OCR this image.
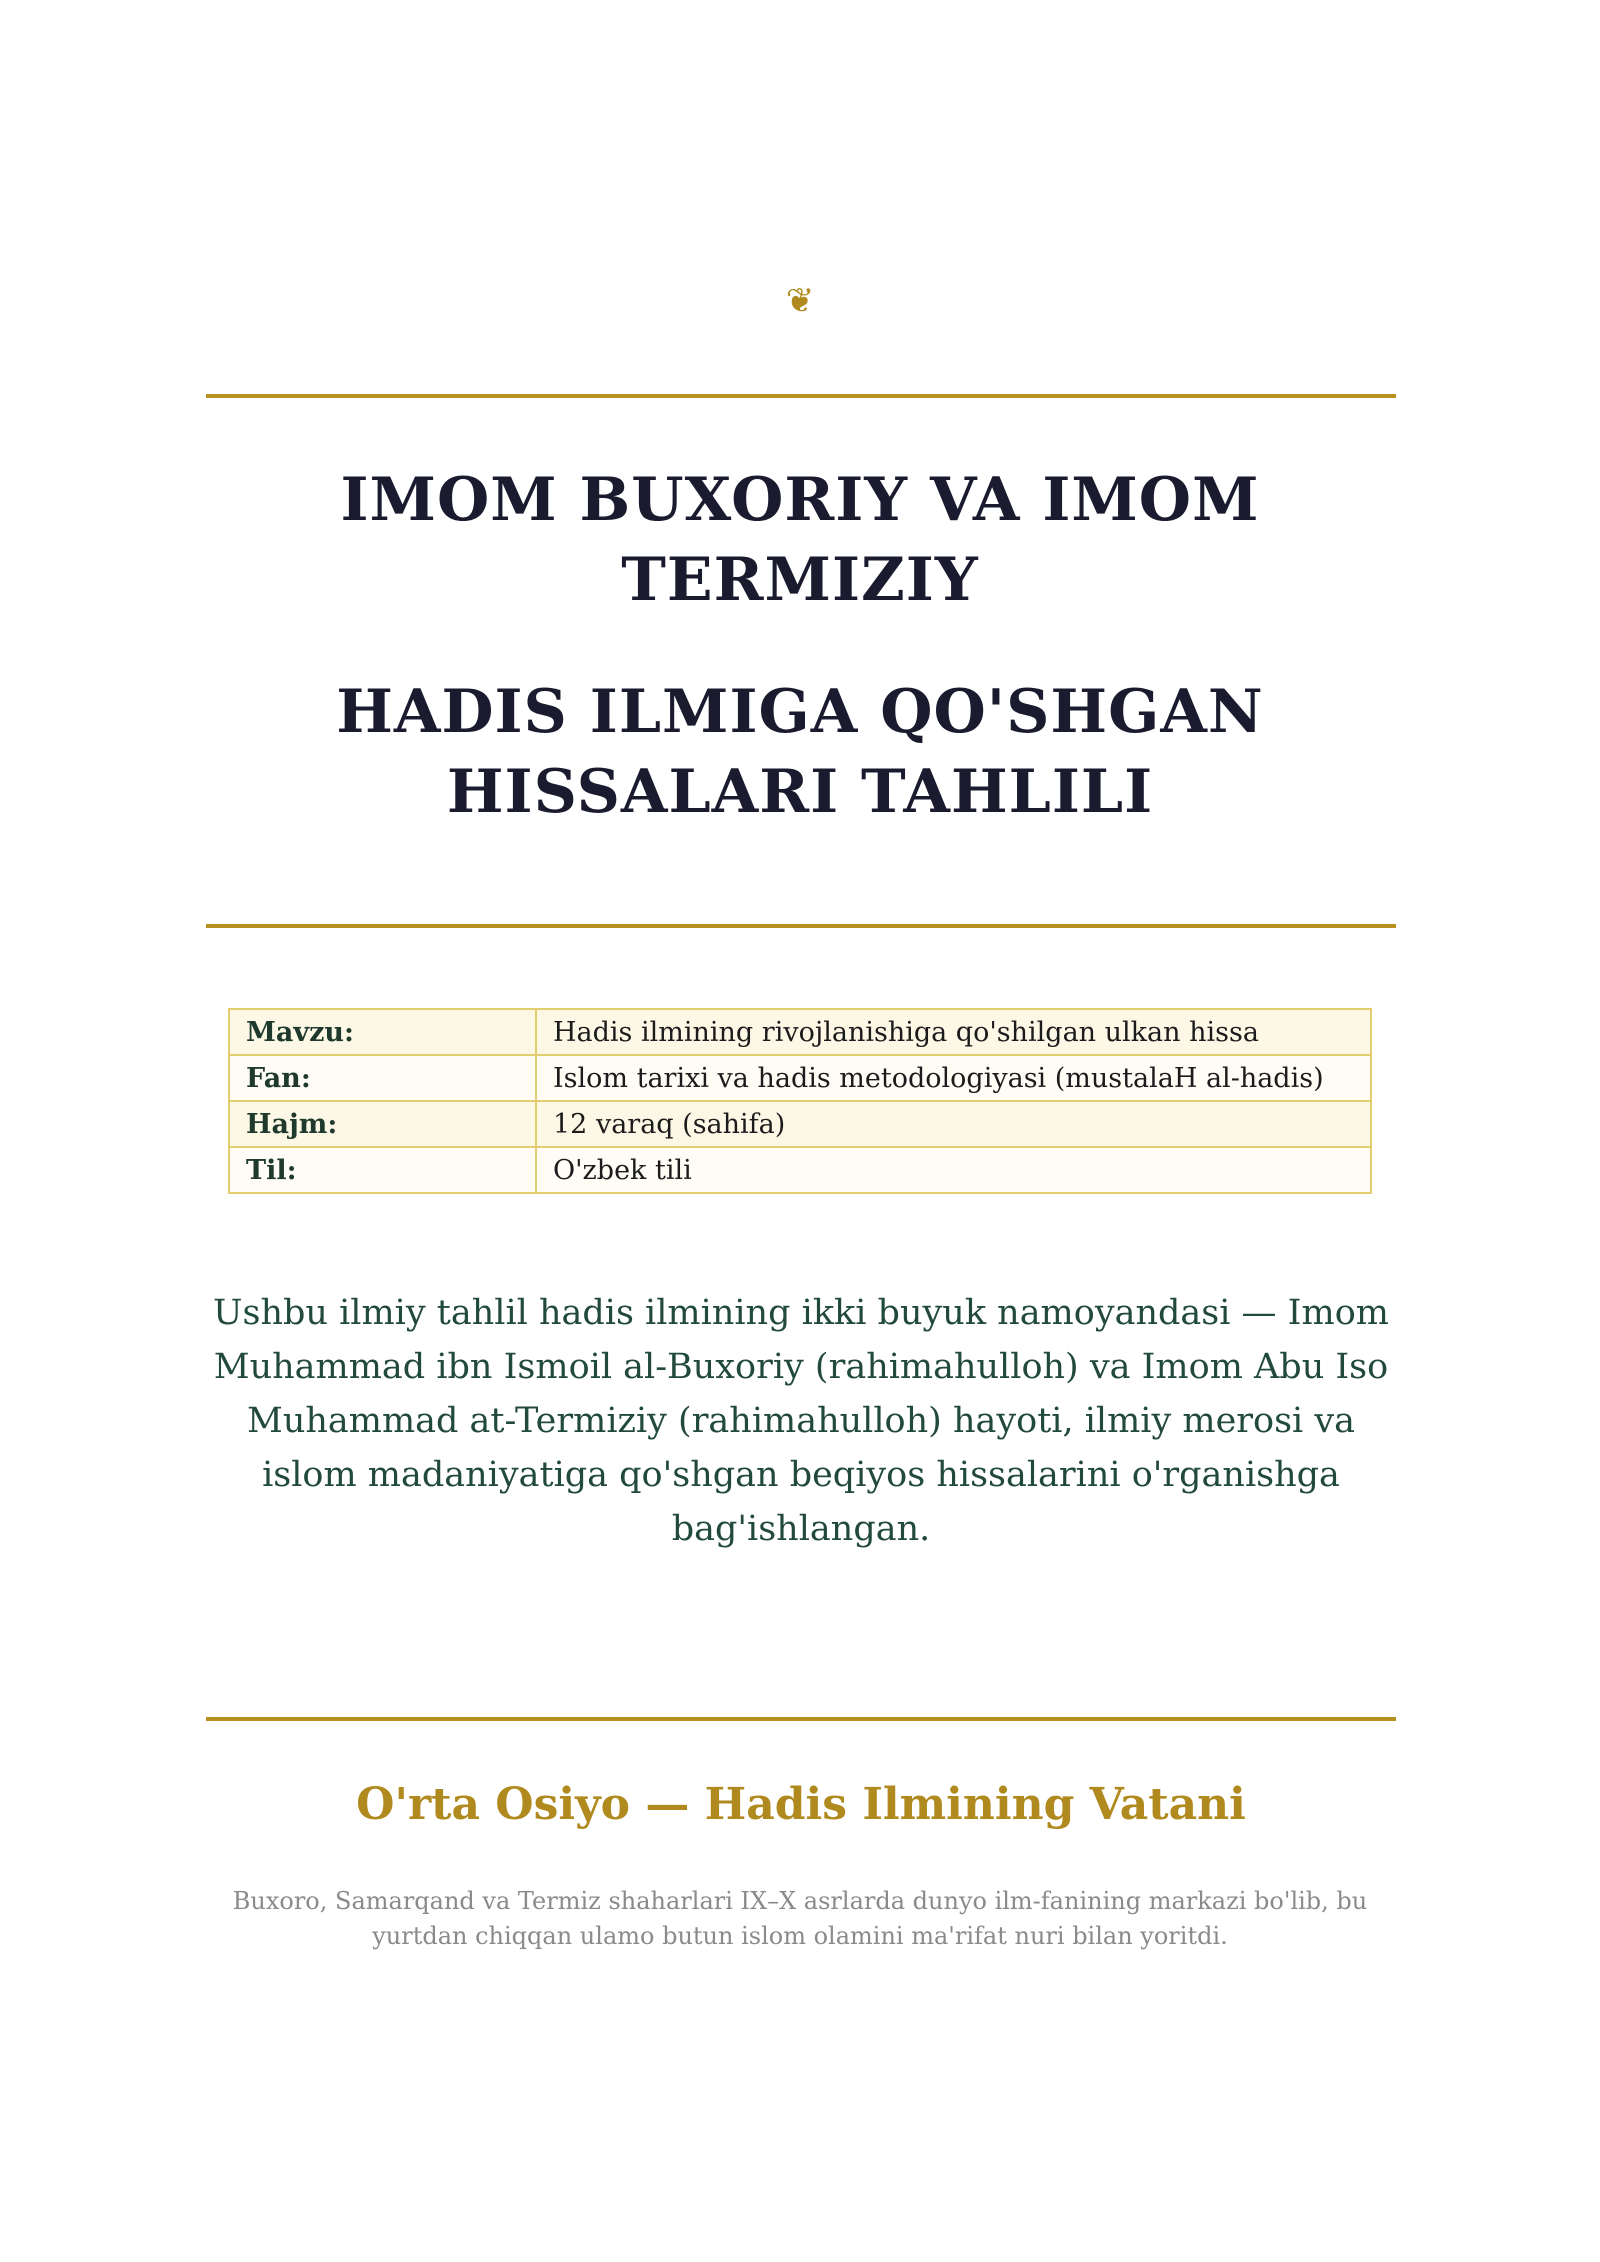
❦
IMOM BUXORIY VA IMOM TERMIZIY
HADIS ILMIGA QO'SHGAN HISSALARI TAHLILI
Mavzu:	Hadis ilmining rivojlanishiga qo'shilgan ulkan hissa
Fan:	Islom tarixi va hadis metodologiyasi (mustalaH al-hadis)
Hajm:	12 varaq (sahifa)
Til:	O'zbek tili

Ushbu ilmiy tahlil hadis ilmining ikki buyuk namoyandasi — Imom Muhammad ibn Ismoil al-Buxoriy (rahimahulloh) va Imom Abu Iso Muhammad at-Termiziy (rahimahulloh) hayoti, ilmiy merosi va islom madaniyatiga qo'shgan beqiyos hissalarini o'rganishga bag'ishlangan.

O'rta Osiyo — Hadis Ilmining Vatani

Buxoro, Samarqand va Termiz shaharlari IX–X asrlarda dunyo ilm-fanining markazi bo'lib, bu yurtdan chiqqan ulamo butun islom olamini ma'rifat nuri bilan yoritdi.
